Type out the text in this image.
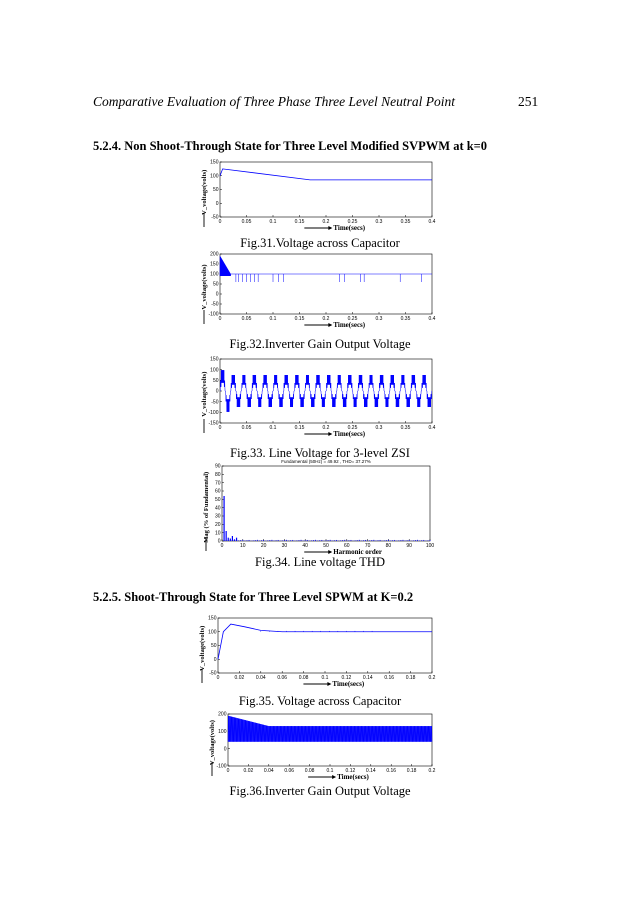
Comparative Evaluation of Three Phase Three Level Neutral Point	251
5.2.4. Non Shoot-Through State for Three Level Modified SVPWM at k=0
0	0.05	0.1	0.15	0.2	0.25	0.3	0.35	0.4
-50
0
50
100
150
Time(secs)
V_voltage(volts)
Fig.31.Voltage across Capacitor
0	0.05	0.1	0.15	0.2	0.25	0.3	0.35	0.4
-100
-50
0
50
100
150
200
Time(secs)
V_voltage(volts)
Fig.32.Inverter Gain Output Voltage
0	0.05	0.1	0.15	0.2	0.25	0.3	0.35	0.4
-150
-100
-50
0
50
100
150
Time(secs)
V_voltage(volts)
Fig.33. Line Voltage for 3-level ZSI
0	10	20	30	40	50	60	70	80	90	100
0
10
20
30
40
50
60
70
80
90
Harmonic order
Mag (% of Fundamental)
Fundamental (50Hz) = 49.92 , THD= 37.27%
Fig.34. Line voltage THD
5.2.5. Shoot-Through State for Three Level SPWM at K=0.2
0	0.02 0.04 0.06 0.08	0.1	0.12 0.14 0.16 0.18	0.2
-50
0
50
100
150
Time(secs)
V_voltage(volts)
Fig.35. Voltage across Capacitor
0	0.02 0.04 0.06 0.08 0.1 0.12 0.14 0.16 0.18 0.2
-100
0
100
200
Time(secs)
V_voltage(volts)
Fig.36.Inverter Gain Output Voltage
